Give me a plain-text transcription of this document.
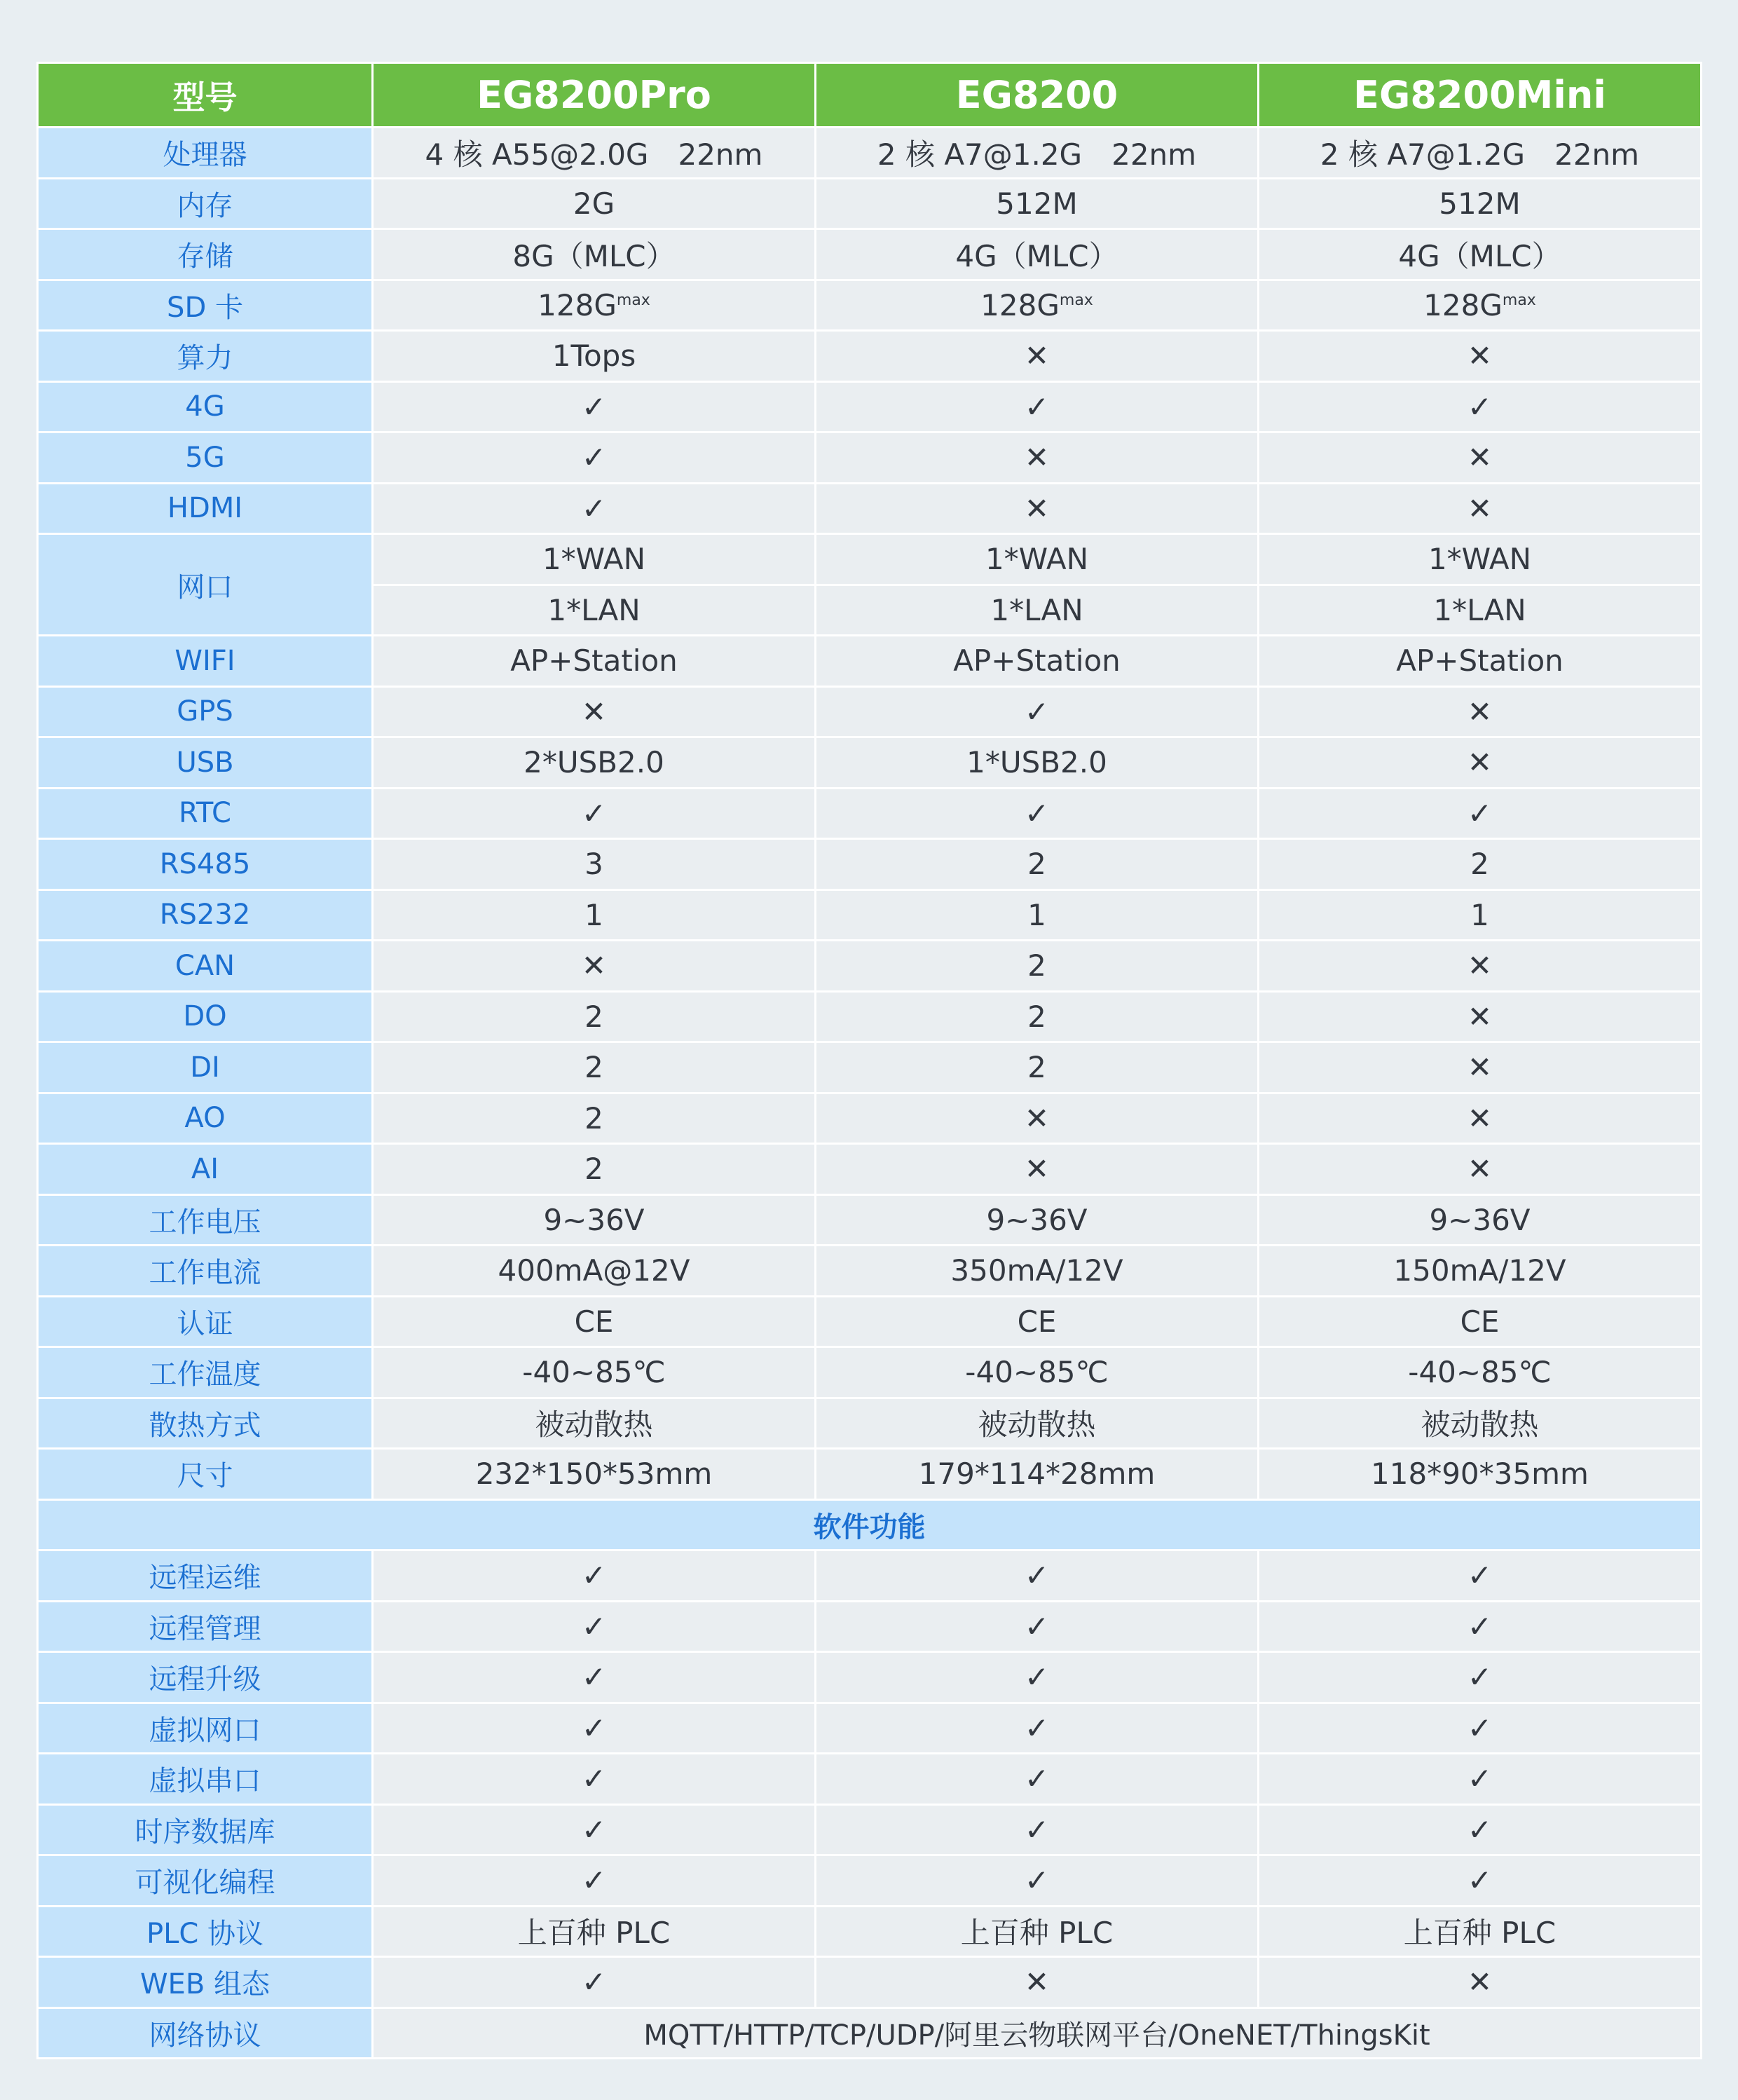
型号	EG8200Pro	EG8200	EG8200Mini
处理器	4 核 A55@2.0G　22nm	2 核 A7@1.2G　22nm	2 核 A7@1.2G　22nm
内存	2G	512M	512M
存储	8G（MLC）	4G（MLC）	4G（MLC）
SD 卡	$128G^{max}$	$128G^{max}$	$128G^{max}$
算力	1Tops	✕	✕
4G	✓	✓	✓
5G	✓	✕	✕
HDMI	✓	✕	✕
网口	1*WAN	1*WAN	1*WAN
	1*LAN	1*LAN	1*LAN
WIFI	AP+Station	AP+Station	AP+Station
GPS	✕	✓	✕
USB	2*USB2.0	1*USB2.0	✕
RTC	✓	✓	✓
RS485	3	2	2
RS232	1	1	1
CAN	✕	2	✕
DO	2	2	✕
DI	2	2	✕
AO	2	✕	✕
AI	2	✕	✕
工作电压	9~36V	9~36V	9~36V
工作电流	400mA@12V	350mA/12V	150mA/12V
认证	CE	CE	CE
工作温度	-40~85℃	-40~85℃	-40~85℃
散热方式	被动散热	被动散热	被动散热
尺寸	232*150*53mm	179*114*28mm	118*90*35mm
软件功能			
远程运维	✓	✓	✓
远程管理	✓	✓	✓
远程升级	✓	✓	✓
虚拟网口	✓	✓	✓
虚拟串口	✓	✓	✓
时序数据库	✓	✓	✓
可视化编程	✓	✓	✓
PLC 协议	上百种 PLC	上百种 PLC	上百种 PLC
WEB 组态	✓	✕	✕
网络协议	MQTT/HTTP/TCP/UDP/阿里云物联网平台/OneNET/ThingsKit		
